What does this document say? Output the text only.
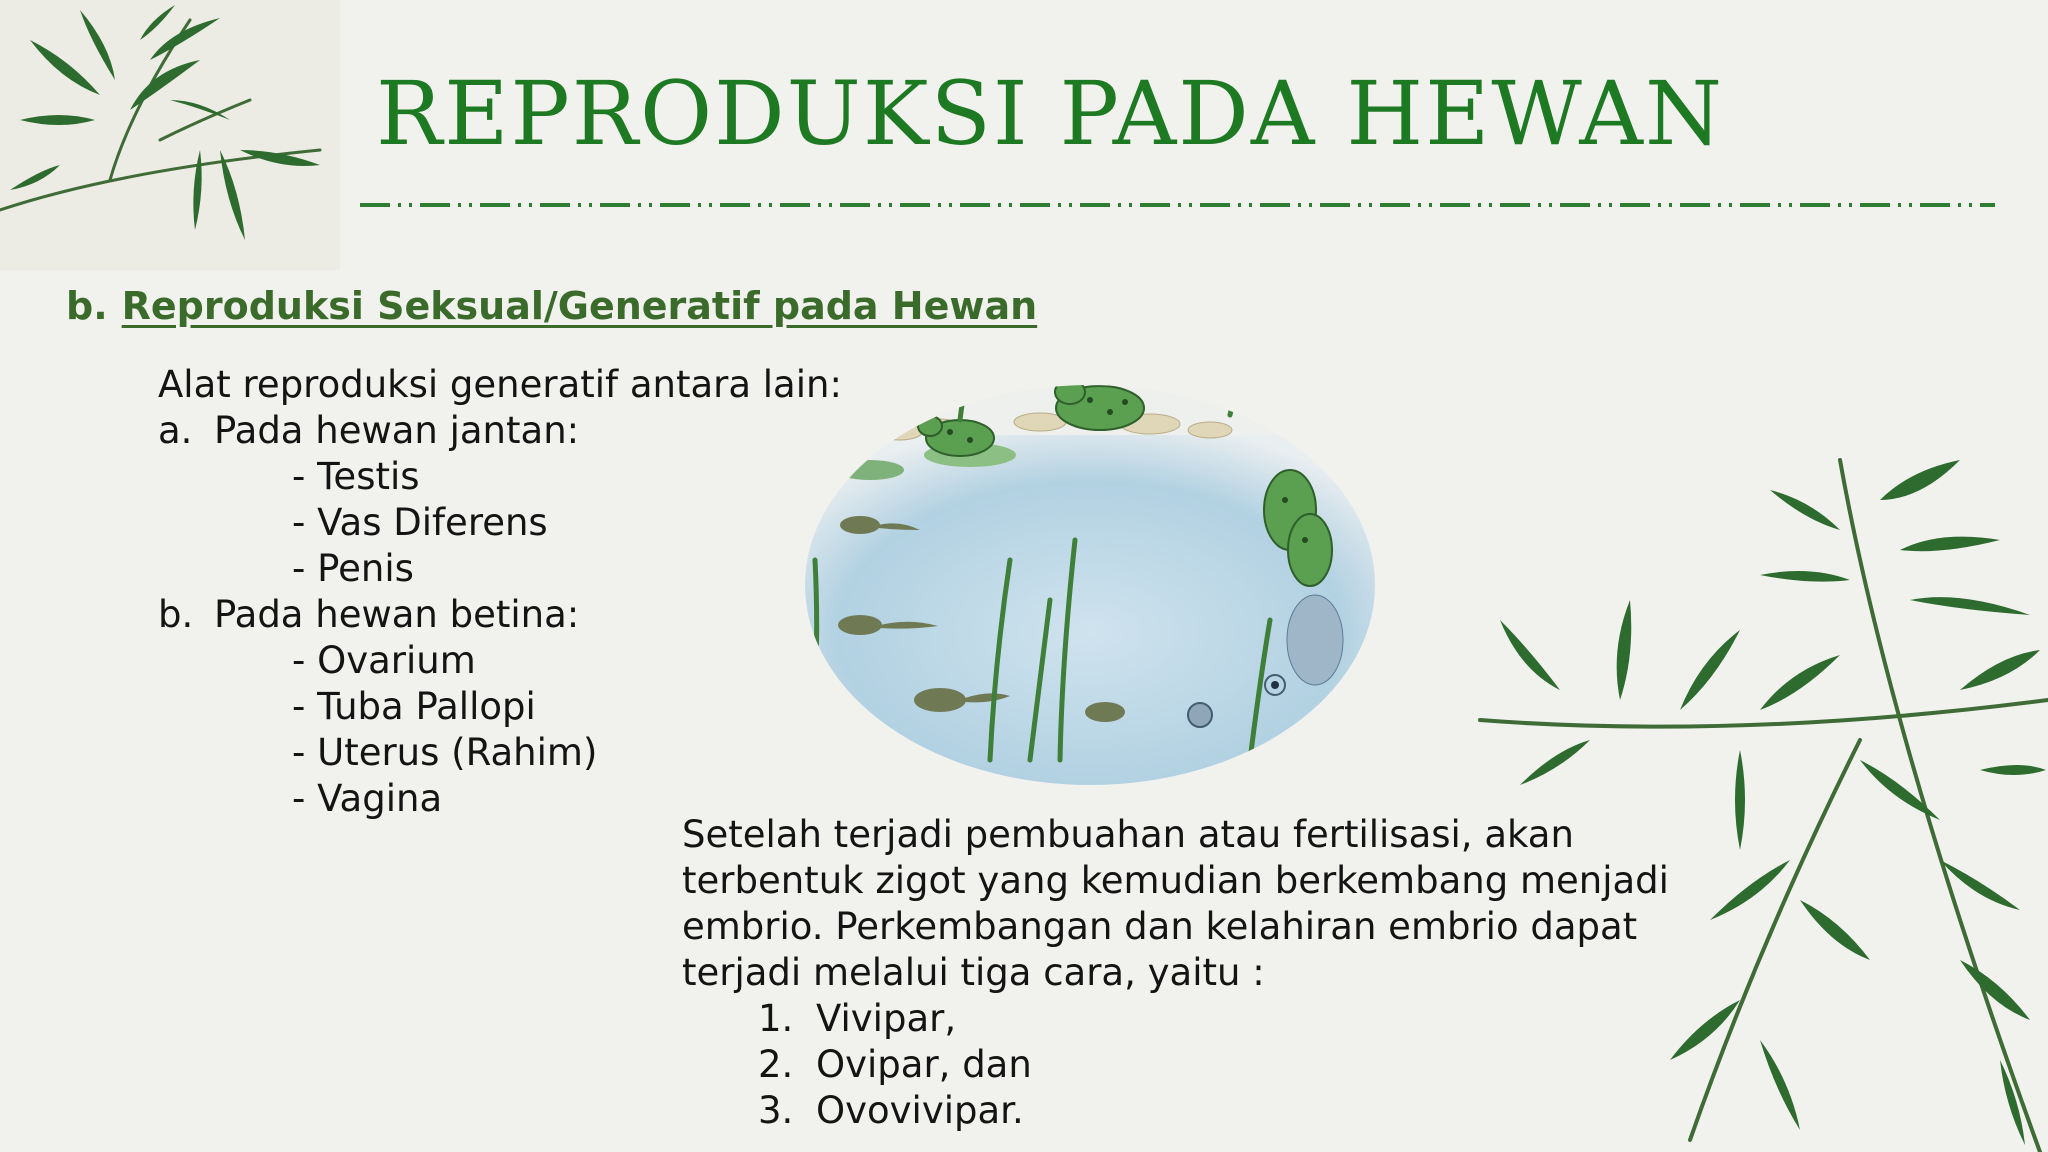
REPRODUKSI PADA HEWAN
b. Reproduksi Seksual/Generatif pada Hewan
Alat reproduksi generatif antara lain:
a. Pada hewan jantan:
- Testis
- Vas Diferens
- Penis
b. Pada hewan betina:
- Ovarium
- Tuba Pallopi
- Uterus (Rahim)
- Vagina
Setelah terjadi pembuahan atau fertilisasi, akan
terbentuk zigot yang kemudian berkembang menjadi
embrio. Perkembangan dan kelahiran embrio dapat
terjadi melalui tiga cara, yaitu :
1. Vivipar,
2. Ovipar, dan
3. Ovovivipar.
